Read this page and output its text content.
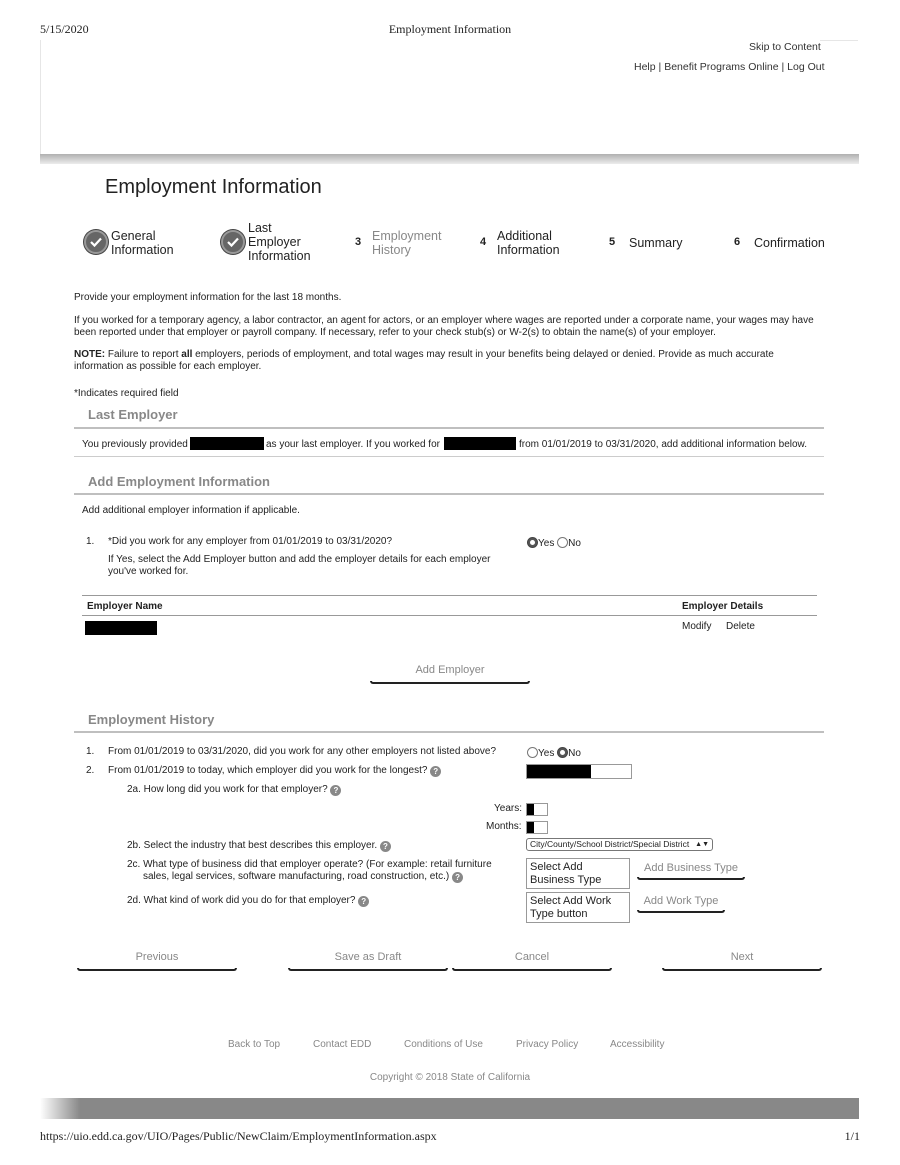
5/15/2020	Employment Information
Skip to Content
Help | Benefit Programs Online | Log Out
Employment Information
General
Information
Last
Employer
Information
3 Employment
History
4 Additional
Information
5 Summary	6 Confirmation
Provide your employment information for the last 18 months.
If you worked for a temporary agency, a labor contractor, an agent for actors, or an employer where wages are reported under a corporate name, your wages may have
been reported under that employer or payroll company. If necessary, refer to your check stub(s) or W-2(s) to obtain the name(s) of your employer.
NOTE: Failure to report all employers, periods of employment, and total wages may result in your benefits being delayed or denied. Provide as much accurate
information as possible for each employer.
*Indicates required field
Last Employer
You previously provided	as your last employer. If you worked for	from 01/01/2019 to 03/31/2020, add additional information below.
Add Employment Information
Add additional employer information if applicable.
1. *Did you work for any employer from 01/01/2019 to 03/31/2020?
If Yes, select the Add Employer button and add the employer details for each employer
you've worked for.
Yes No
Employer Name	Employer Details
Modify Delete
Add Employer
Employment History
1. From 01/01/2019 to 03/31/2020, did you work for any other employers not listed above?	Yes No
2. From 01/01/2019 to today, which employer did you work for the longest? ?
2a. How long did you work for that employer? ?
Years:
Months:
2b. Select the industry that best describes this employer. ?	City/County/School District/Special District ▲▼
2c. What type of business did that employer operate? (For example: retail furniture
sales, legal services, software manufacturing, road construction, etc.) ?
Select Add Business Type
Add Business Type
2d. What kind of work did you do for that employer? ?	Select Add Work Type button
Add Work Type
Previous	Save as Draft	Cancel	Next
Back to Top	Contact EDD	Conditions of Use	Privacy Policy	Accessibility
Copyright © 2018 State of California
https://uio.edd.ca.gov/UIO/Pages/Public/NewClaim/EmploymentInformation.aspx	1/1
